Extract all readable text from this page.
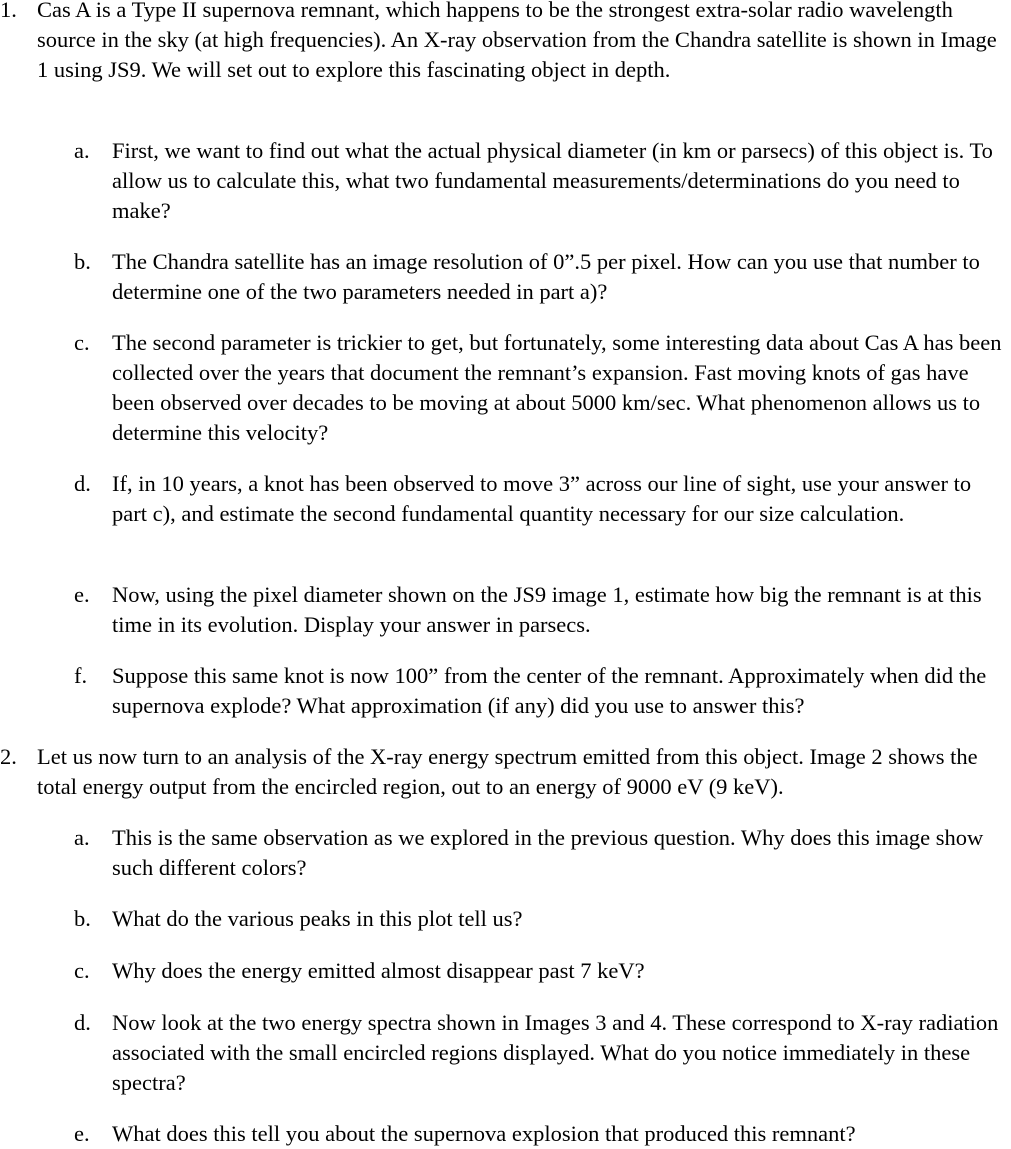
1. Cas A is a Type II supernova remnant, which happens to be the strongest extra-solar radio wavelength source in the sky (at high frequencies). An X-ray observation from the Chandra satellite is shown in Image 1 using JS9. We will set out to explore this fascinating object in depth.

a. First, we want to find out what the actual physical diameter (in km or parsecs) of this object is. To allow us to calculate this, what two fundamental measurements/determinations do you need to make?

b. The Chandra satellite has an image resolution of 0”.5 per pixel. How can you use that number to determine one of the two parameters needed in part a)?

c. The second parameter is trickier to get, but fortunately, some interesting data about Cas A has been collected over the years that document the remnant’s expansion. Fast moving knots of gas have been observed over decades to be moving at about 5000 km/sec. What phenomenon allows us to determine this velocity?

d. If, in 10 years, a knot has been observed to move 3” across our line of sight, use your answer to part c), and estimate the second fundamental quantity necessary for our size calculation.

e. Now, using the pixel diameter shown on the JS9 image 1, estimate how big the remnant is at this time in its evolution. Display your answer in parsecs.

f. Suppose this same knot is now 100” from the center of the remnant. Approximately when did the supernova explode? What approximation (if any) did you use to answer this?

2. Let us now turn to an analysis of the X-ray energy spectrum emitted from this object. Image 2 shows the total energy output from the encircled region, out to an energy of 9000 eV (9 keV).

a. This is the same observation as we explored in the previous question. Why does this image show such different colors?

b. What do the various peaks in this plot tell us?

c. Why does the energy emitted almost disappear past 7 keV?

d. Now look at the two energy spectra shown in Images 3 and 4. These correspond to X-ray radiation associated with the small encircled regions displayed. What do you notice immediately in these spectra?

e. What does this tell you about the supernova explosion that produced this remnant?
